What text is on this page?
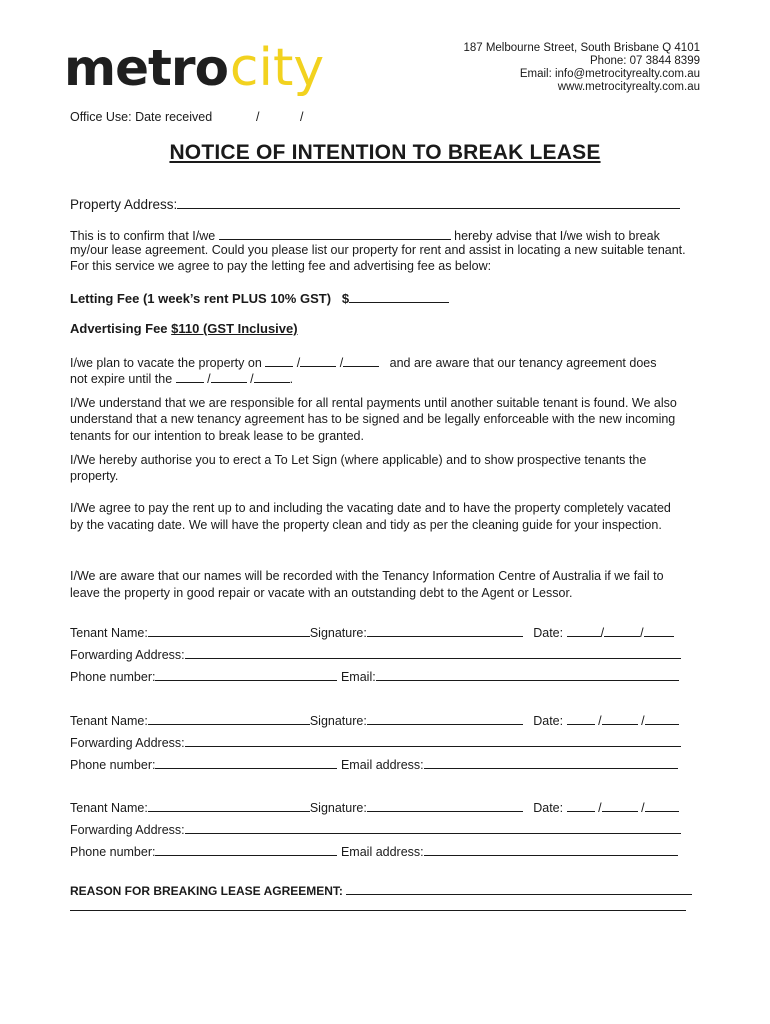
metrocity	187 Melbourne Street, South Brisbane Q 4101
Phone: 07 3844 8399
Email: info@metrocityrealty.com.au
www.metrocityrealty.com.au
Office Use: Date received	/	/
NOTICE OF INTENTION TO BREAK LEASE
Property Address:
This is to confirm that I/we	hereby advise that I/we wish to break
my/our lease agreement. Could you please list our property for rent and assist in locating a new suitable tenant. For this service we agree to pay the letting fee and advertising fee as below:
Letting Fee (1 week’s rent PLUS 10% GST) $
Advertising Fee $110 (GST Inclusive)
I/we plan to vacate the property on	/	/	and are aware that our tenancy agreement does
not expire until the	/	/	.
I/We understand that we are responsible for all rental payments until another suitable tenant is found. We also understand that a new tenancy agreement has to be signed and be legally enforceable with the new incoming tenants for our intention to break lease to be granted.
I/We hereby authorise you to erect a To Let Sign (where applicable) and to show prospective tenants the property.
I/We agree to pay the rent up to and including the vacating date and to have the property completely vacated by the vacating date. We will have the property clean and tidy as per the cleaning guide for your inspection.
I/We are aware that our names will be recorded with the Tenancy Information Centre of Australia if we fail to leave the property in good repair or vacate with an outstanding debt to the Agent or Lessor.
Tenant Name:	Signature:	Date:	/	/
Forwarding Address:
Phone number:	Email:
Tenant Name:	Signature:	Date:	/	/
Forwarding Address:
Phone number:	Email address:
Tenant Name:	Signature:	Date:	/	/
Forwarding Address:
Phone number:	Email address:
REASON FOR BREAKING LEASE AGREEMENT:
